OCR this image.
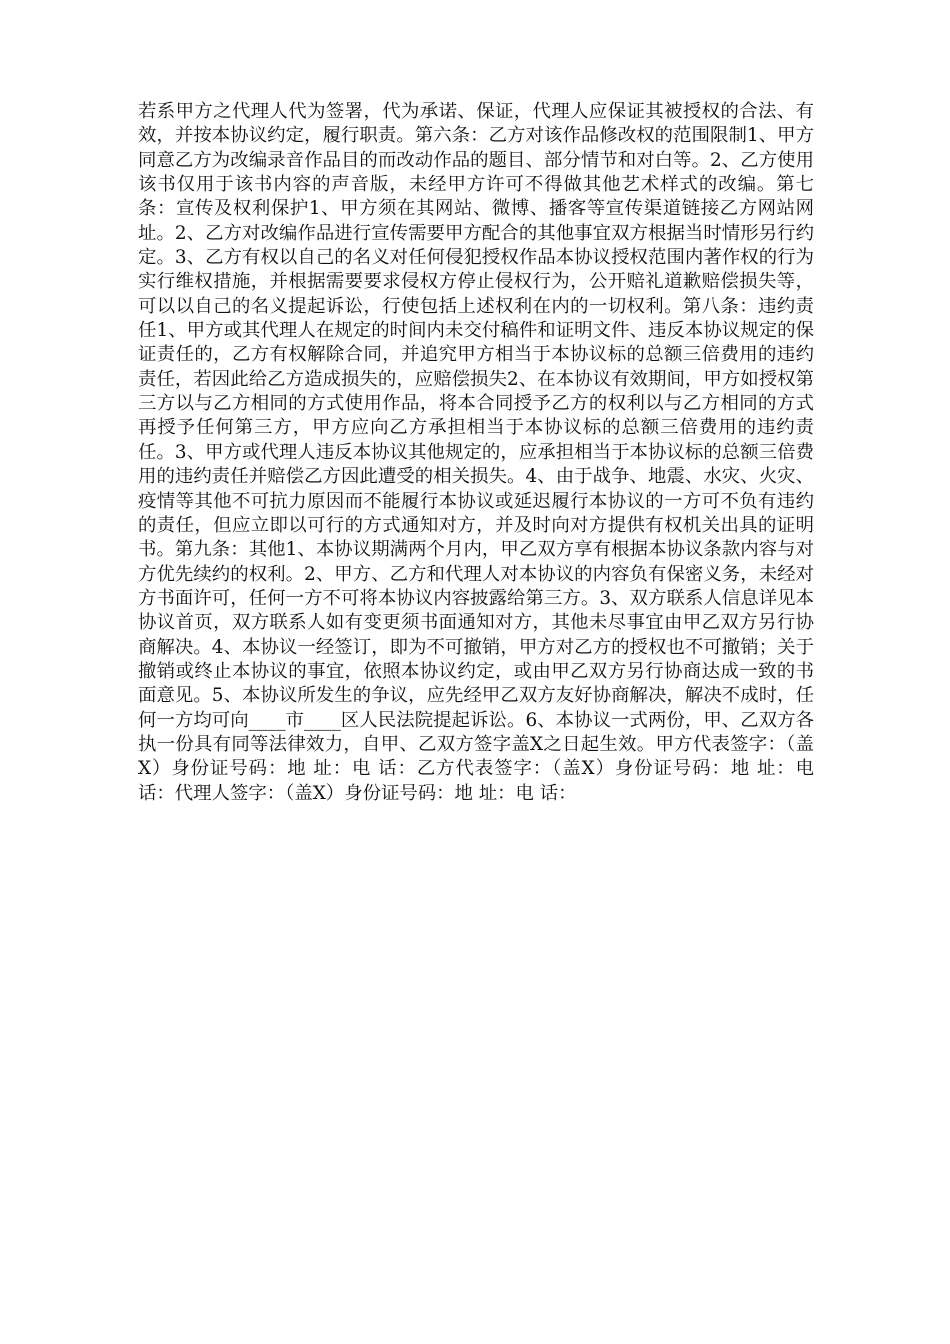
若系甲方之代理人代为签署，代为承诺、保证，代理人应保证其被授权的合法、有效，并按本协议约定，履行职责。第六条：乙方对该作品修改权的范围限制1、甲方同意乙方为改编录音作品目的而改动作品的题目、部分情节和对白等。2、乙方使用该书仅用于该书内容的声音版，未经甲方许可不得做其他艺术样式的改编。第七条：宣传及权利保护1、甲方须在其网站、微博、播客等宣传渠道链接乙方网站网址。2、乙方对改编作品进行宣传需要甲方配合的其他事宜双方根据当时情形另行约定。3、乙方有权以自己的名义对任何侵犯授权作品本协议授权范围内著作权的行为实行维权措施，并根据需要要求侵权方停止侵权行为，公开赔礼道歉赔偿损失等，可以以自己的名义提起诉讼，行使包括上述权利在内的一切权利。第八条：违约责任1、甲方或其代理人在规定的时间内未交付稿件和证明文件、违反本协议规定的保证责任的，乙方有权解除合同，并追究甲方相当于本协议标的总额三倍费用的违约责任，若因此给乙方造成损失的，应赔偿损失2、在本协议有效期间，甲方如授权第三方以与乙方相同的方式使用作品，将本合同授予乙方的权利以与乙方相同的方式再授予任何第三方，甲方应向乙方承担相当于本协议标的总额三倍费用的违约责任。3、甲方或代理人违反本协议其他规定的，应承担相当于本协议标的总额三倍费用的违约责任并赔偿乙方因此遭受的相关损失。4、由于战争、地震、水灾、火灾、疫情等其他不可抗力原因而不能履行本协议或延迟履行本协议的一方可不负有违约的责任，但应立即以可行的方式通知对方，并及时向对方提供有权机关出具的证明书。第九条：其他1、本协议期满两个月内，甲乙双方享有根据本协议条款内容与对方优先续约的权利。2、甲方、乙方和代理人对本协议的内容负有保密义务，未经对方书面许可，任何一方不可将本协议内容披露给第三方。3、双方联系人信息详见本协议首页，双方联系人如有变更须书面通知对方，其他未尽事宜由甲乙双方另行协商解决。4、本协议一经签订，即为不可撤销，甲方对乙方的授权也不可撤销；关于撤销或终止本协议的事宜，依照本协议约定，或由甲乙双方另行协商达成一致的书面意见。5、本协议所发生的争议，应先经甲乙双方友好协商解决，解决不成时，任何一方均可向____市____区人民法院提起诉讼。6、本协议一式两份，甲、乙双方各执一份具有同等法律效力，自甲、乙双方签字盖X之日起生效。甲方代表签字：（盖X）身份证号码：地 址：电 话：乙方代表签字：（盖X）身份证号码：地 址：电 话：代理人签字：（盖X）身份证号码：地 址：电 话：
